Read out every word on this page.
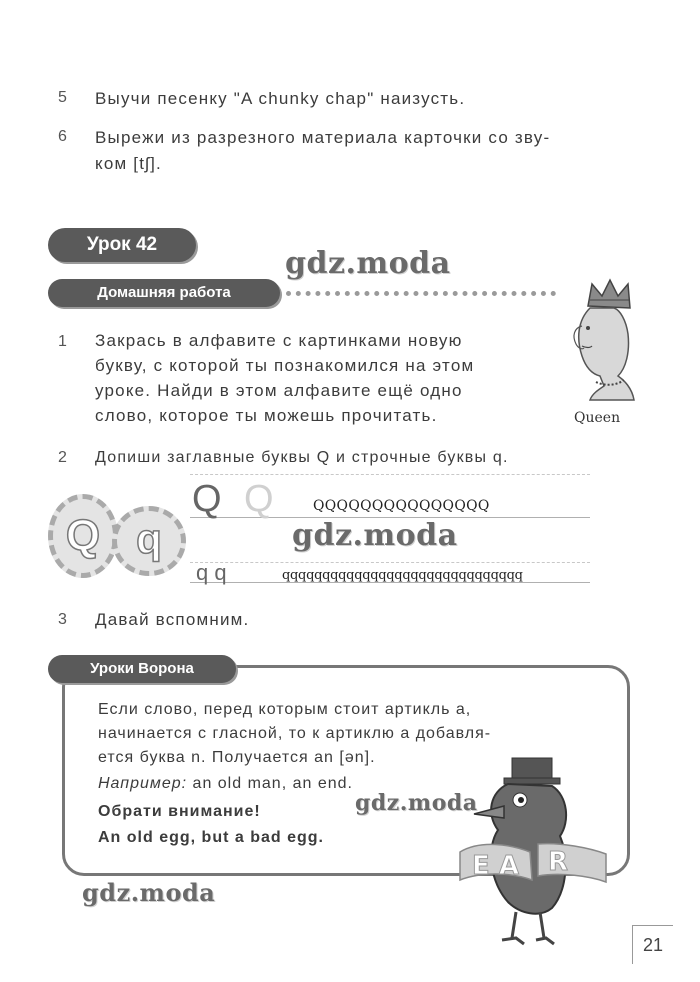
5 Выучи песенку "A chunky chap" наизусть.
6 Вырежи из разрезного материала карточки со зву-
ком [tʃ].
Урок 42
Домашняя работа
gdz.moda
gdz.moda
gdz.moda
gdz.moda
1 Закрась в алфавите с картинками новую
букву, с которой ты познакомился на этом
уроке. Найди в этом алфавите ещё одно
слово, которое ты можешь прочитать.	Queen
2 Допиши заглавные буквы Q и строчные буквы q.
Q q
Q Q	QQQQQQQQQQQQQQQ
q q	qqqqqqqqqqqqqqqqqqqqqqqqqqqqqq
3 Давай вспомним.
Уроки Ворона
Если слово, перед которым стоит артикль a,
начинается с гласной, то к артиклю a добавля-
ется буква n. Получается an [ən].
Например: an old man, an end.
Обрати внимание!
An old egg, but a bad egg.
E A R
21
